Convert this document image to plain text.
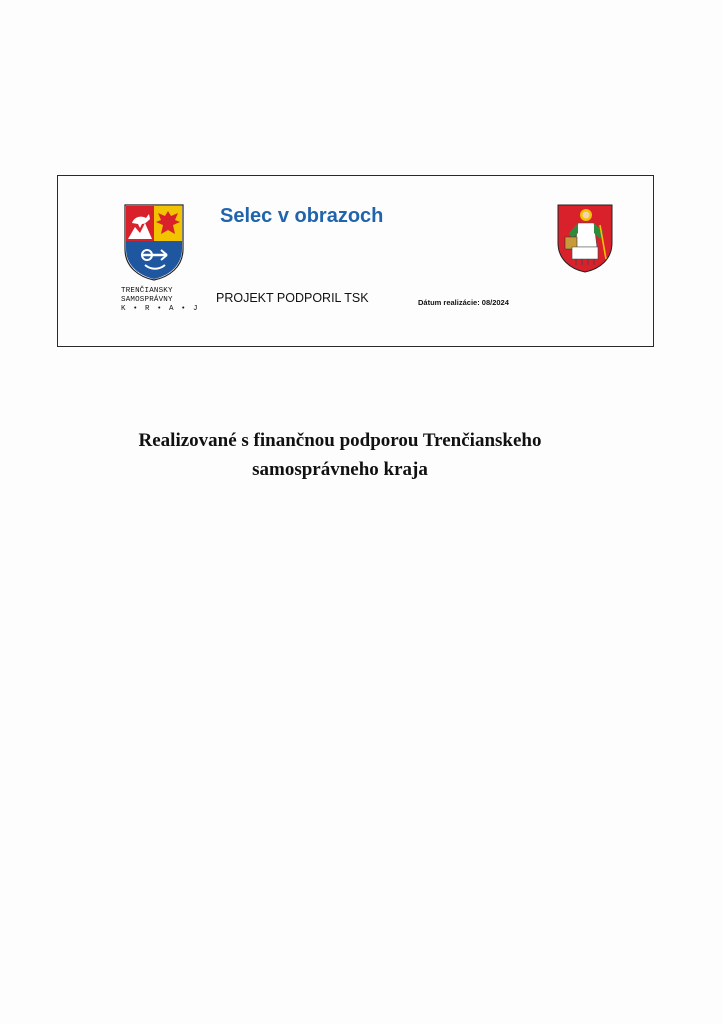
TRENČIANSKY
SAMOSPRÁVNY
K • R • A • J
Selec v obrazoch
PROJEKT PODPORIL TSK	Dátum realizácie: 08/2024
Realizované s finančnou podporou Trenčianskeho
samosprávneho kraja
